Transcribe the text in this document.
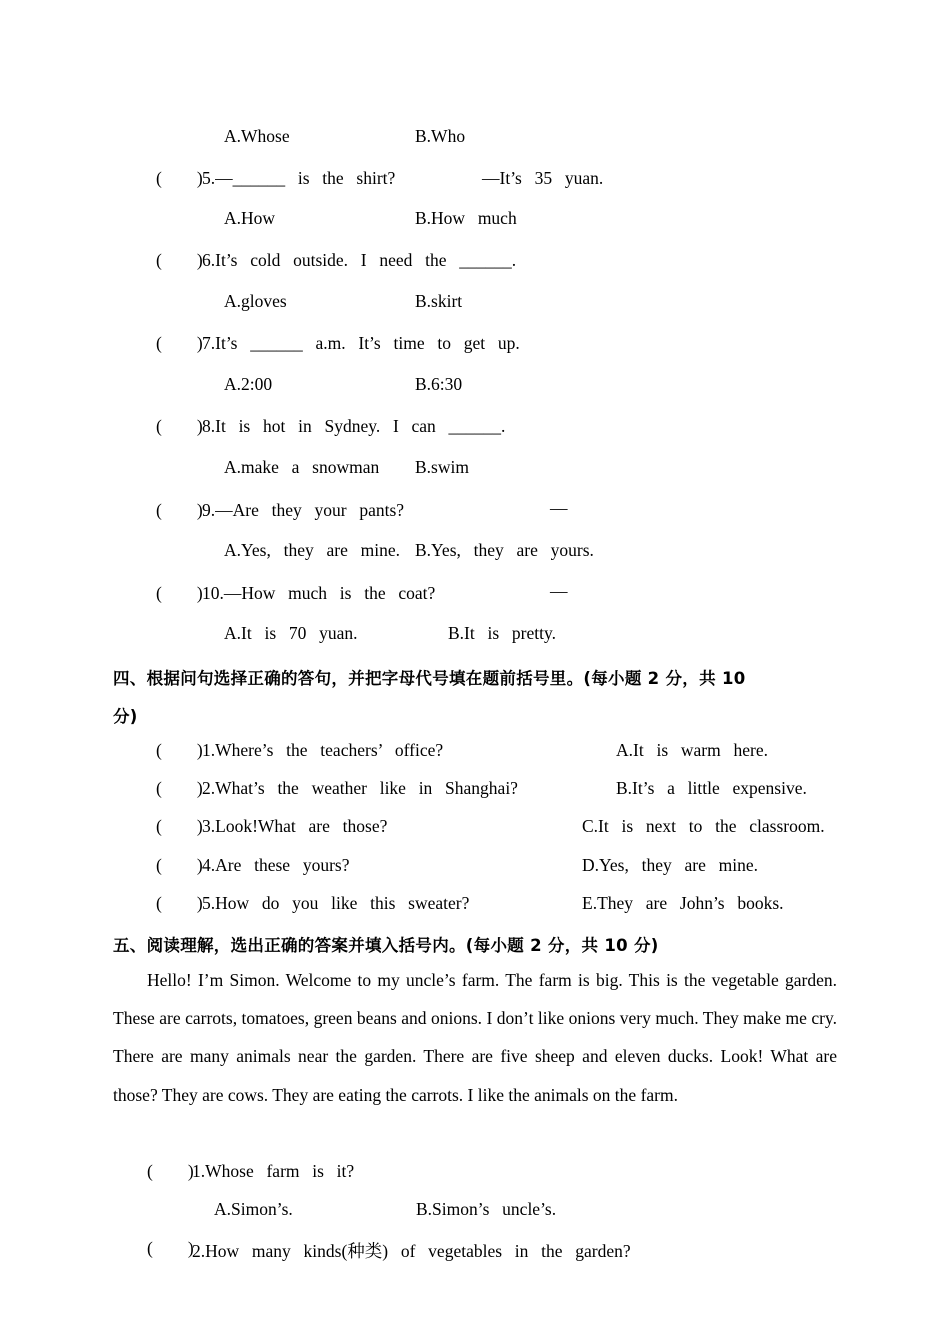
A.Whose	B.Who
(        ) 5.—______  is  the  shirt?	—It’s  35  yuan.
A.How	B.How  much
(        ) 6.It’s  cold  outside.  I  need  the  ______.
A.gloves	B.skirt
(        ) 7.It’s  ______  a.m.  It’s  time  to  get  up.
A.2:00	B.6:30
(        ) 8.It  is  hot  in  Sydney.  I  can  ______.
A.make  a  snowman B.swim
(        ) 9.—Are  they  your  pants?	—
A.Yes,  they  are  mine. B.Yes,  they  are  yours.
(        ) 10.—How  much  is  the  coat?	—
A.It  is  70  yuan.	B.It  is  pretty.
四、根据问句选择正确的答句，并把字母代号填在题前括号里。(每小题 2 分，共 10
分)
(        ) 1.Where’s  the  teachers’  office?	A.It  is  warm  here.
(        ) 2.What’s  the  weather  like  in  Shanghai?	B.It’s  a  little  expensive.
(        ) 3.Look!What  are  those?	C.It  is  next  to  the  classroom.
(        ) 4.Are  these  yours?	D.Yes,  they  are  mine.
(        ) 5.How  do  you  like  this  sweater?	E.They  are  John’s  books.
五、阅读理解，选出正确的答案并填入括号内。(每小题 2 分，共 10 分)
Hello! I’m Simon. Welcome to my uncle’s farm. The farm is big. This is the vegetable garden. These are carrots, tomatoes, green beans and onions. I don’t like onions very much. They make me cry. There are many animals near the garden. There are five sheep and eleven ducks. Look! What are those? They are cows. They are eating the carrots. I like the animals on the farm.
(        )
1.Whose  farm  is  it?
A.Simon’s.	B.Simon’s  uncle’s.
(        )
2.How  many  kinds(种类)  of  vegetables  in  the  garden?
